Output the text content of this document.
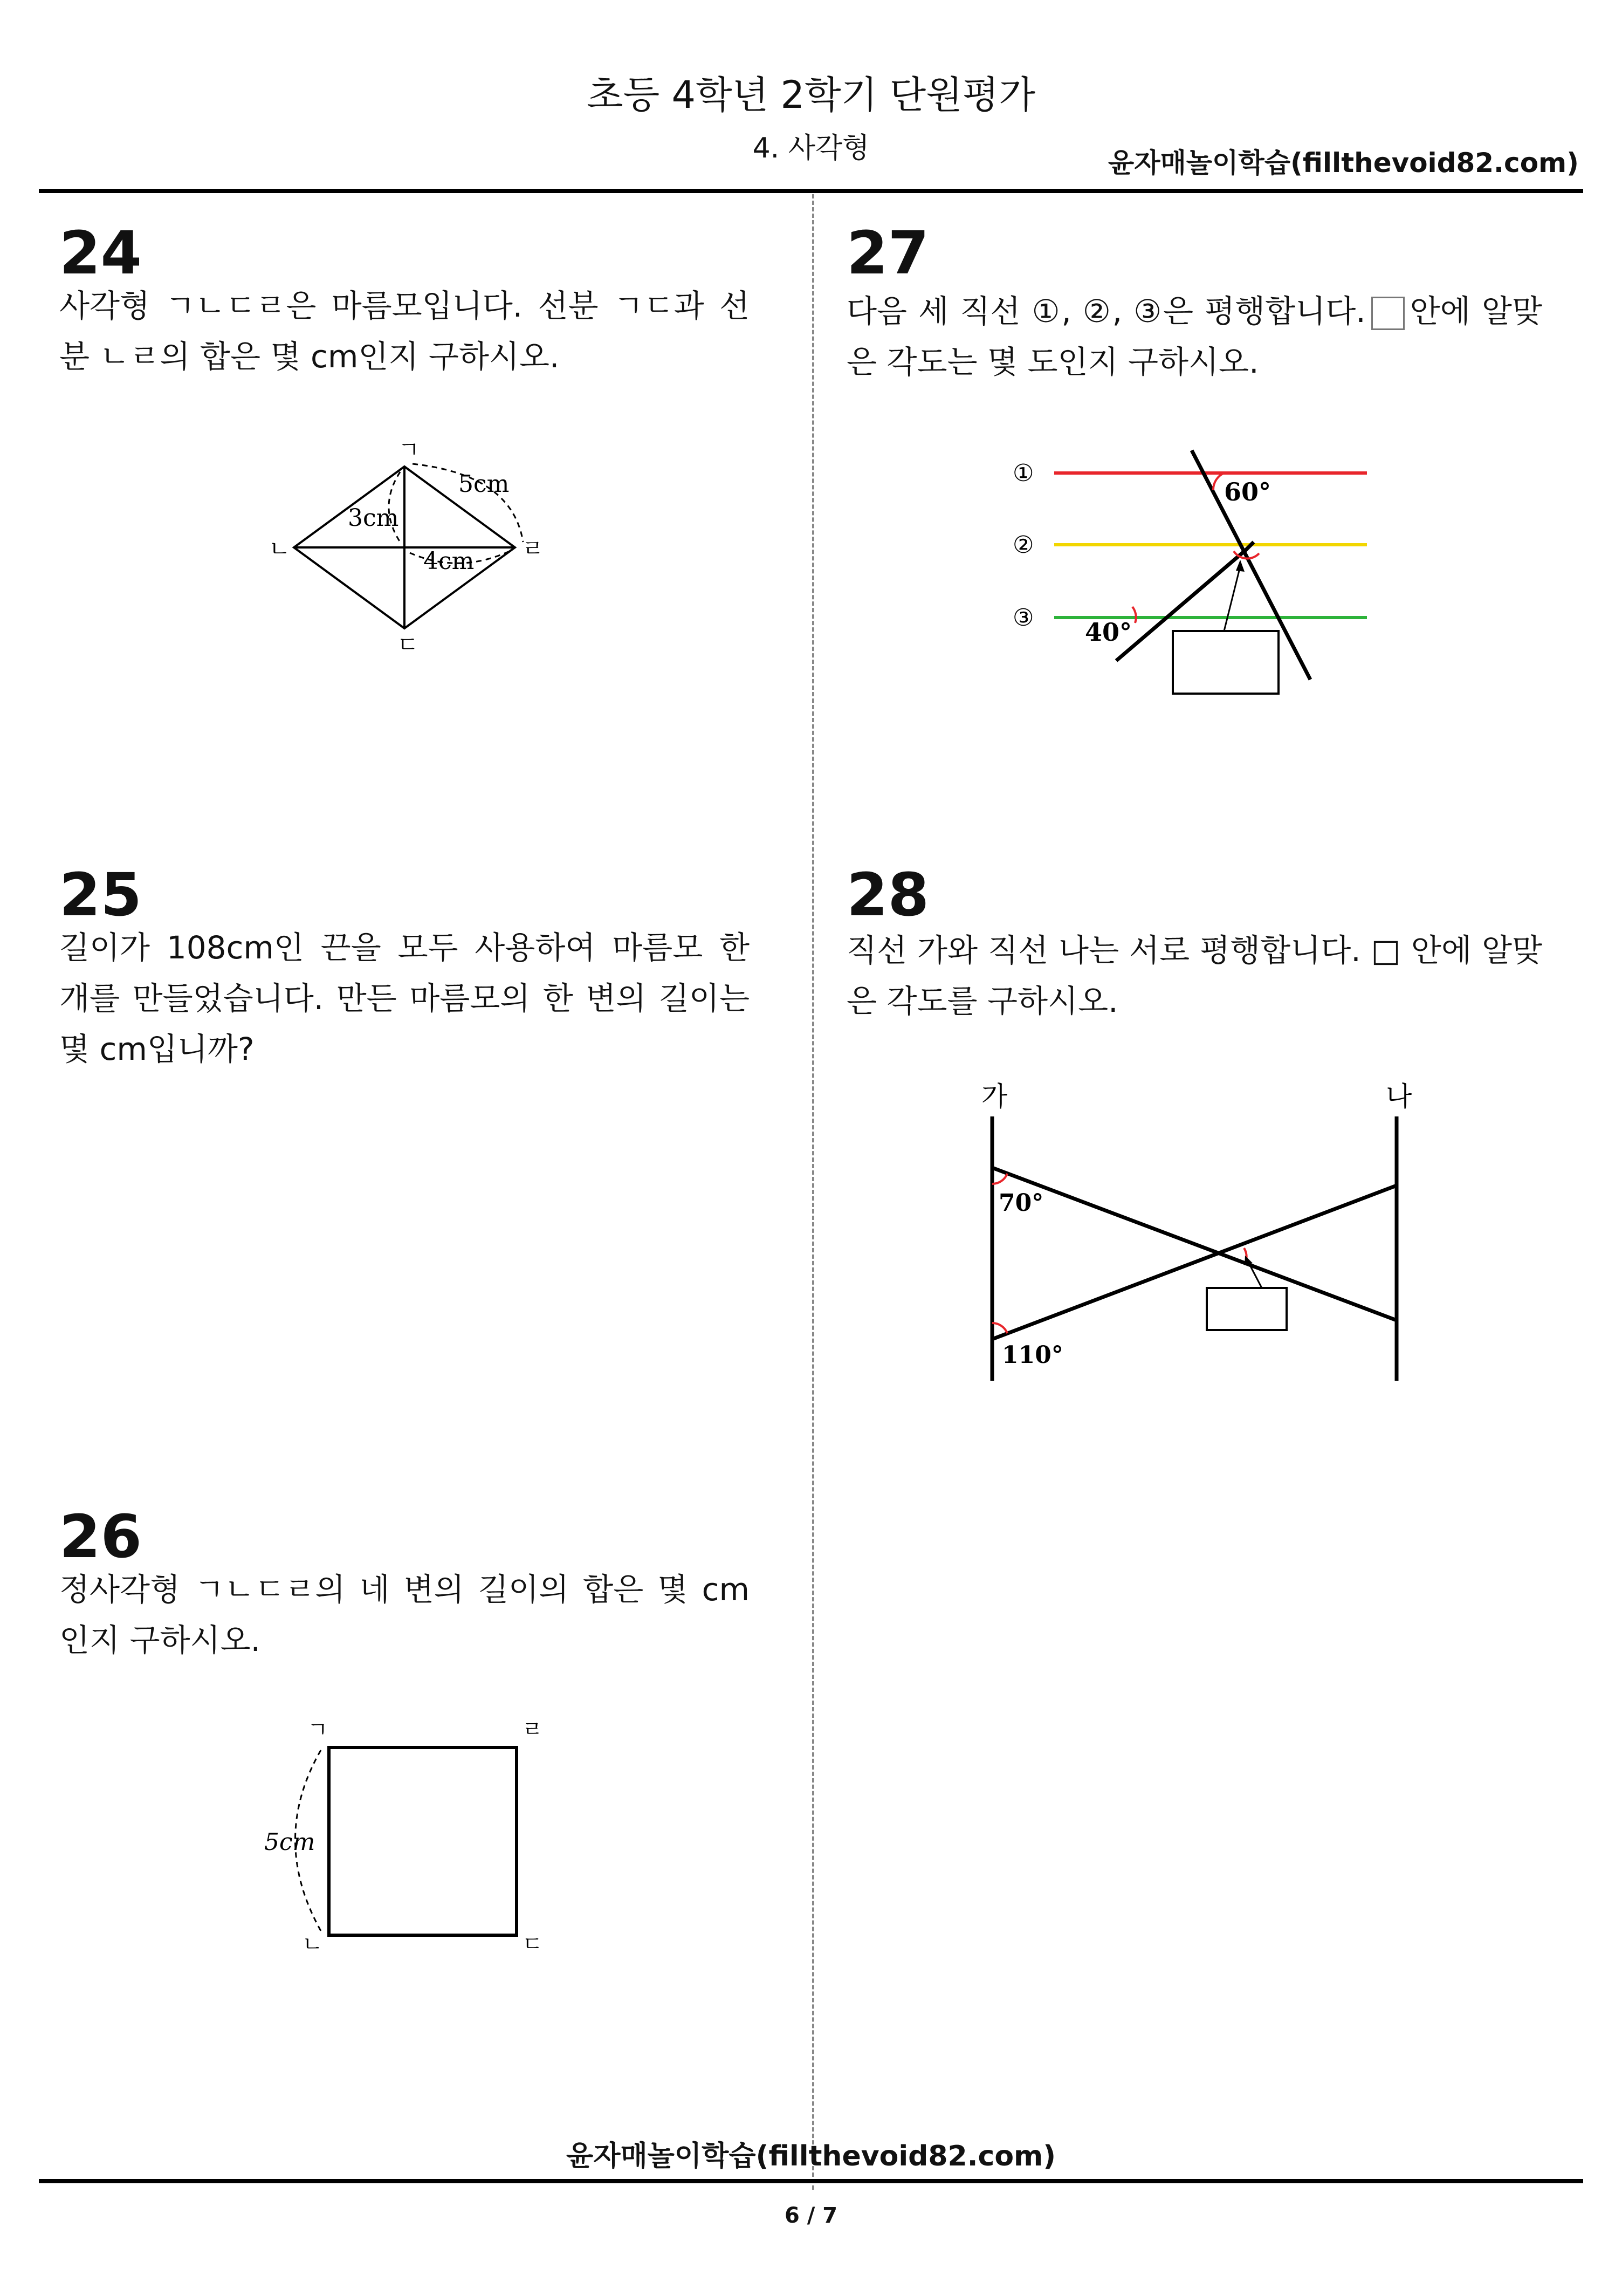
초등 4학년 2학기 단원평가
4. 사각형	윤자매놀이학습(fillthevoid82.com)
24
사각형 ㄱㄴㄷㄹ은 마름모입니다. 선분 ㄱㄷ과 선분 ㄴㄹ의 합은 몇 cm인지 구하시오.
ㄱ
ㄴ
ㄷ
ㄹ
3cm
4cm
5cm
25
길이가 108cm인 끈을 모두 사용하여 마름모 한 개를 만들었습니다. 만든 마름모의 한 변의 길이는 몇 cm입니까?
26
정사각형 ㄱㄴㄷㄹ의 네 변의 길이의 합은 몇 cm인지 구하시오.
ㄱ	ㄹ
ㄴ	ㄷ
5cm
27
다음 세 직선 ①, ②, ③은 평행합니다. 안에 알맞은 각도는 몇 도인지 구하시오.
①
②
③
60°
40°
28
직선 가와 직선 나는 서로 평행합니다. □ 안에 알맞은 각도를 구하시오.
가	나
70°
110°
윤자매놀이학습(fillthevoid82.com)
6 / 7
